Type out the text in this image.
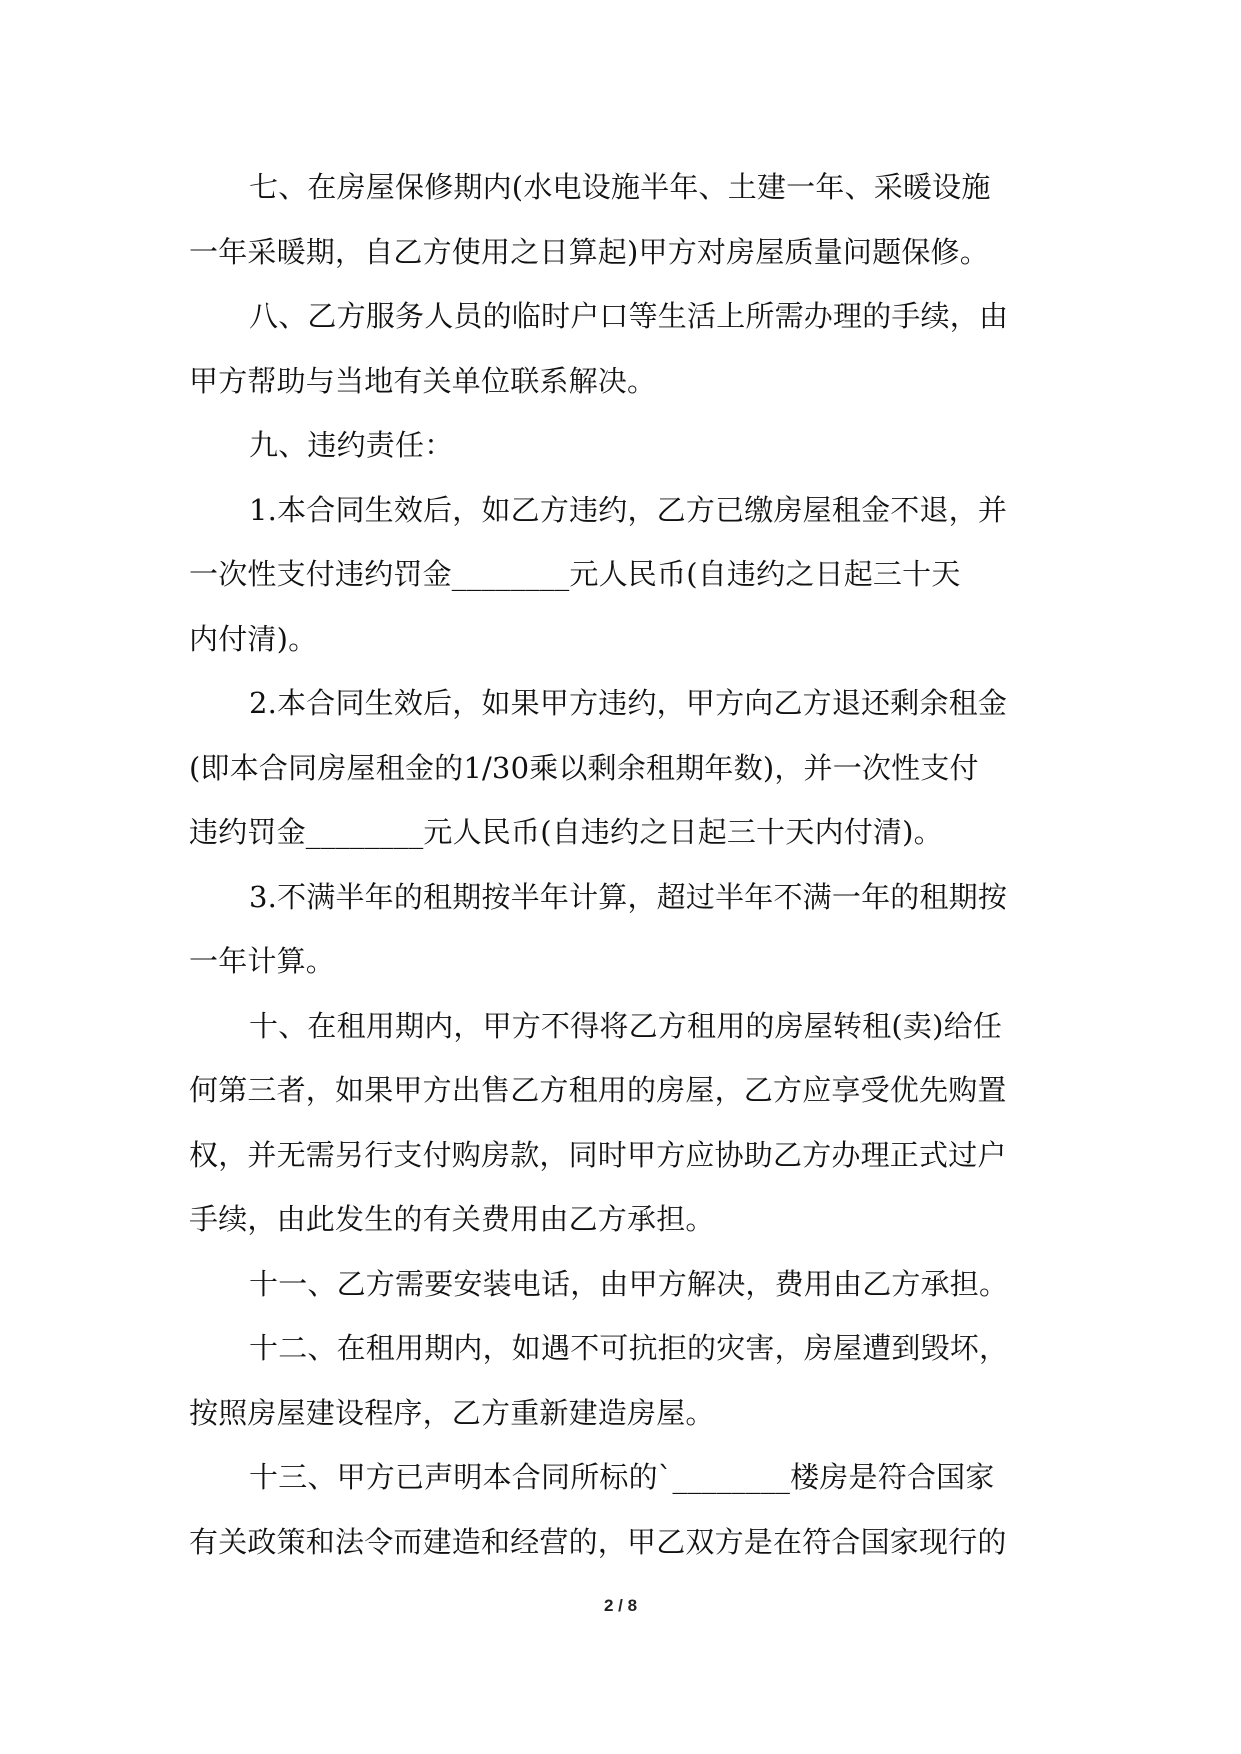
七、在房屋保修期内(水电设施半年、土建一年、采暖设施
一年采暖期，自乙方使用之日算起)甲方对房屋质量问题保修。
八、乙方服务人员的临时户口等生活上所需办理的手续，由
甲方帮助与当地有关单位联系解决。
九、违约责任：
1.本合同生效后，如乙方违约，乙方已缴房屋租金不退，并
一次性支付违约罚金________元人民币(自违约之日起三十天
内付清)。
2.本合同生效后，如果甲方违约，甲方向乙方退还剩余租金
(即本合同房屋租金的1/30乘以剩余租期年数)，并一次性支付
违约罚金________元人民币(自违约之日起三十天内付清)。
3.不满半年的租期按半年计算，超过半年不满一年的租期按
一年计算。
十、在租用期内，甲方不得将乙方租用的房屋转租(卖)给任
何第三者，如果甲方出售乙方租用的房屋，乙方应享受优先购置
权，并无需另行支付购房款，同时甲方应协助乙方办理正式过户
手续，由此发生的有关费用由乙方承担。
十一、乙方需要安装电话，由甲方解决，费用由乙方承担。
十二、在租用期内，如遇不可抗拒的灾害，房屋遭到毁坏，
按照房屋建设程序，乙方重新建造房屋。
十三、甲方已声明本合同所标的`________楼房是符合国家
有关政策和法令而建造和经营的，甲乙双方是在符合国家现行的
2 / 8
